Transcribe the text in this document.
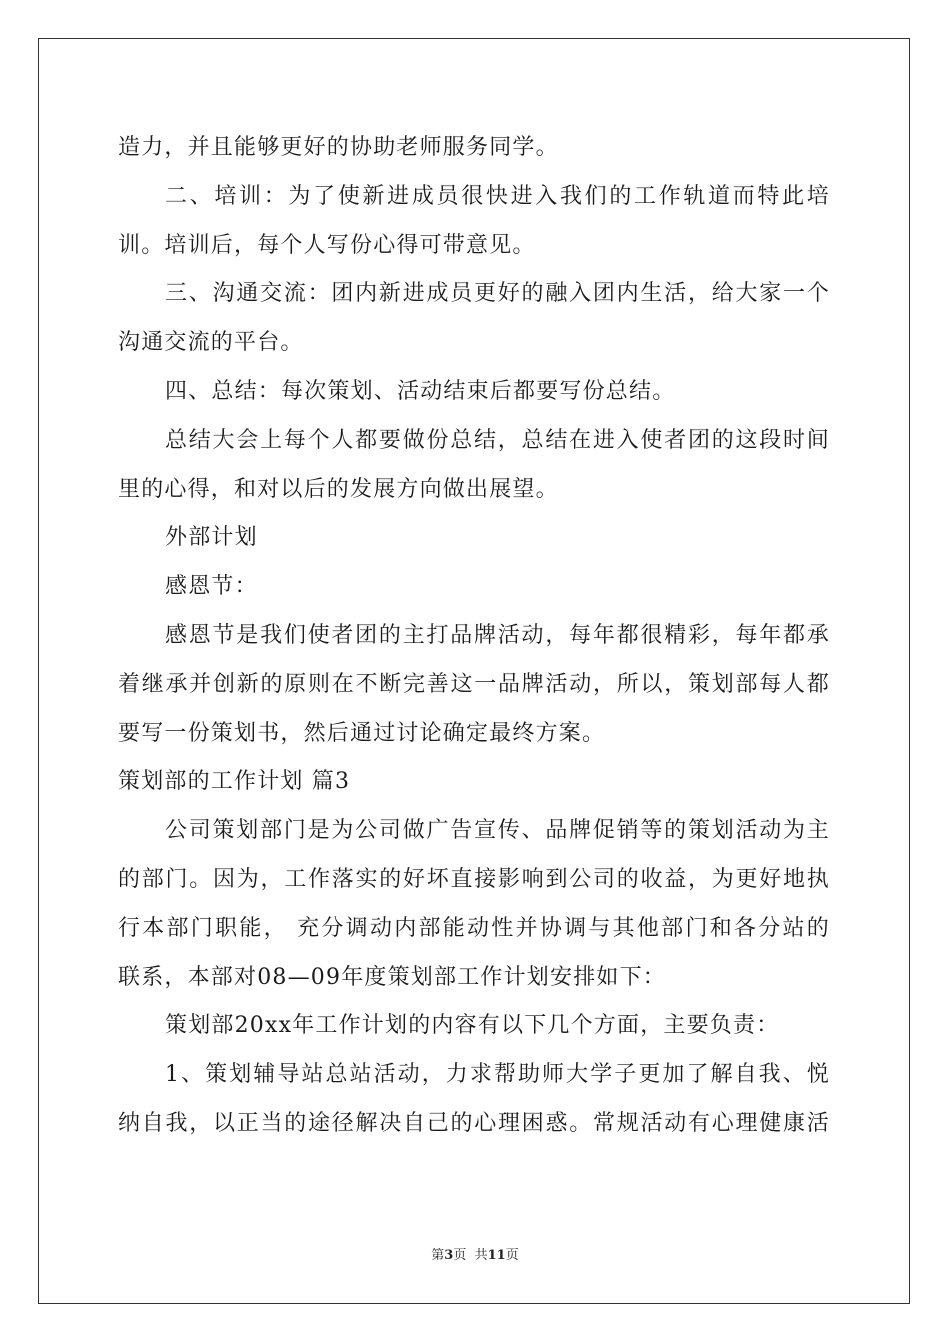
造力，并且能够更好的协助老师服务同学。
二、培训：为了使新进成员很快进入我们的工作轨道而特此培
训。培训后，每个人写份心得可带意见。
三、沟通交流：团内新进成员更好的融入团内生活，给大家一个
沟通交流的平台。
四、总结：每次策划、活动结束后都要写份总结。
总结大会上每个人都要做份总结，总结在进入使者团的这段时间
里的心得，和对以后的发展方向做出展望。
外部计划
感恩节：
感恩节是我们使者团的主打品牌活动，每年都很精彩，每年都承
着继承并创新的原则在不断完善这一品牌活动，所以，策划部每人都
要写一份策划书，然后通过讨论确定最终方案。
策划部的工作计划 篇3
公司策划部门是为公司做广告宣传、品牌促销等的策划活动为主
的部门。因为，工作落实的好坏直接影响到公司的收益，为更好地执
行本部门职能， 充分调动内部能动性并协调与其他部门和各分站的
联系，本部对08—09年度策划部工作计划安排如下：
策划部20xx年工作计划的内容有以下几个方面，主要负责：
1、策划辅导站总站活动，力求帮助师大学子更加了解自我、悦
纳自我，以正当的途径解决自己的心理困惑。常规活动有心理健康活
第3页  共11页
